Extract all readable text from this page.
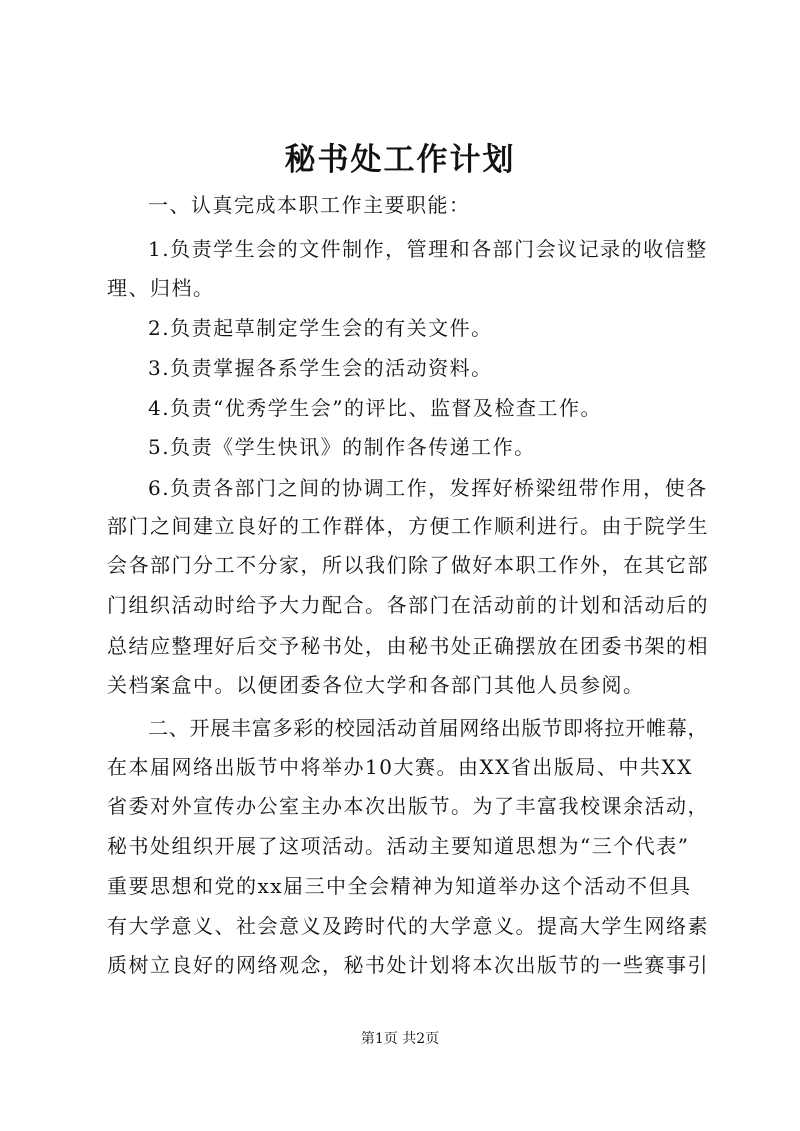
秘书处工作计划
一、认真完成本职工作主要职能：
1.负责学生会的文件制作，管理和各部门会议记录的收信整
理、归档。
2.负责起草制定学生会的有关文件。
3.负责掌握各系学生会的活动资料。
4.负责“优秀学生会”的评比、监督及检查工作。
5.负责《学生快讯》的制作各传递工作。
6.负责各部门之间的协调工作，发挥好桥梁纽带作用，使各
部门之间建立良好的工作群体，方便工作顺利进行。由于院学生
会各部门分工不分家，所以我们除了做好本职工作外，在其它部
门组织活动时给予大力配合。各部门在活动前的计划和活动后的
总结应整理好后交予秘书处，由秘书处正确摆放在团委书架的相
关档案盒中。以便团委各位大学和各部门其他人员参阅。
二、开展丰富多彩的校园活动首届网络出版节即将拉开帷幕，
在本届网络出版节中将举办10大赛。由XX省出版局、中共XX
省委对外宣传办公室主办本次出版节。为了丰富我校课余活动，
秘书处组织开展了这项活动。活动主要知道思想为“三个代表”
重要思想和党的xx届三中全会精神为知道举办这个活动不但具
有大学意义、社会意义及跨时代的大学意义。提高大学生网络素
质树立良好的网络观念，秘书处计划将本次出版节的一些赛事引
第1页 共2页
